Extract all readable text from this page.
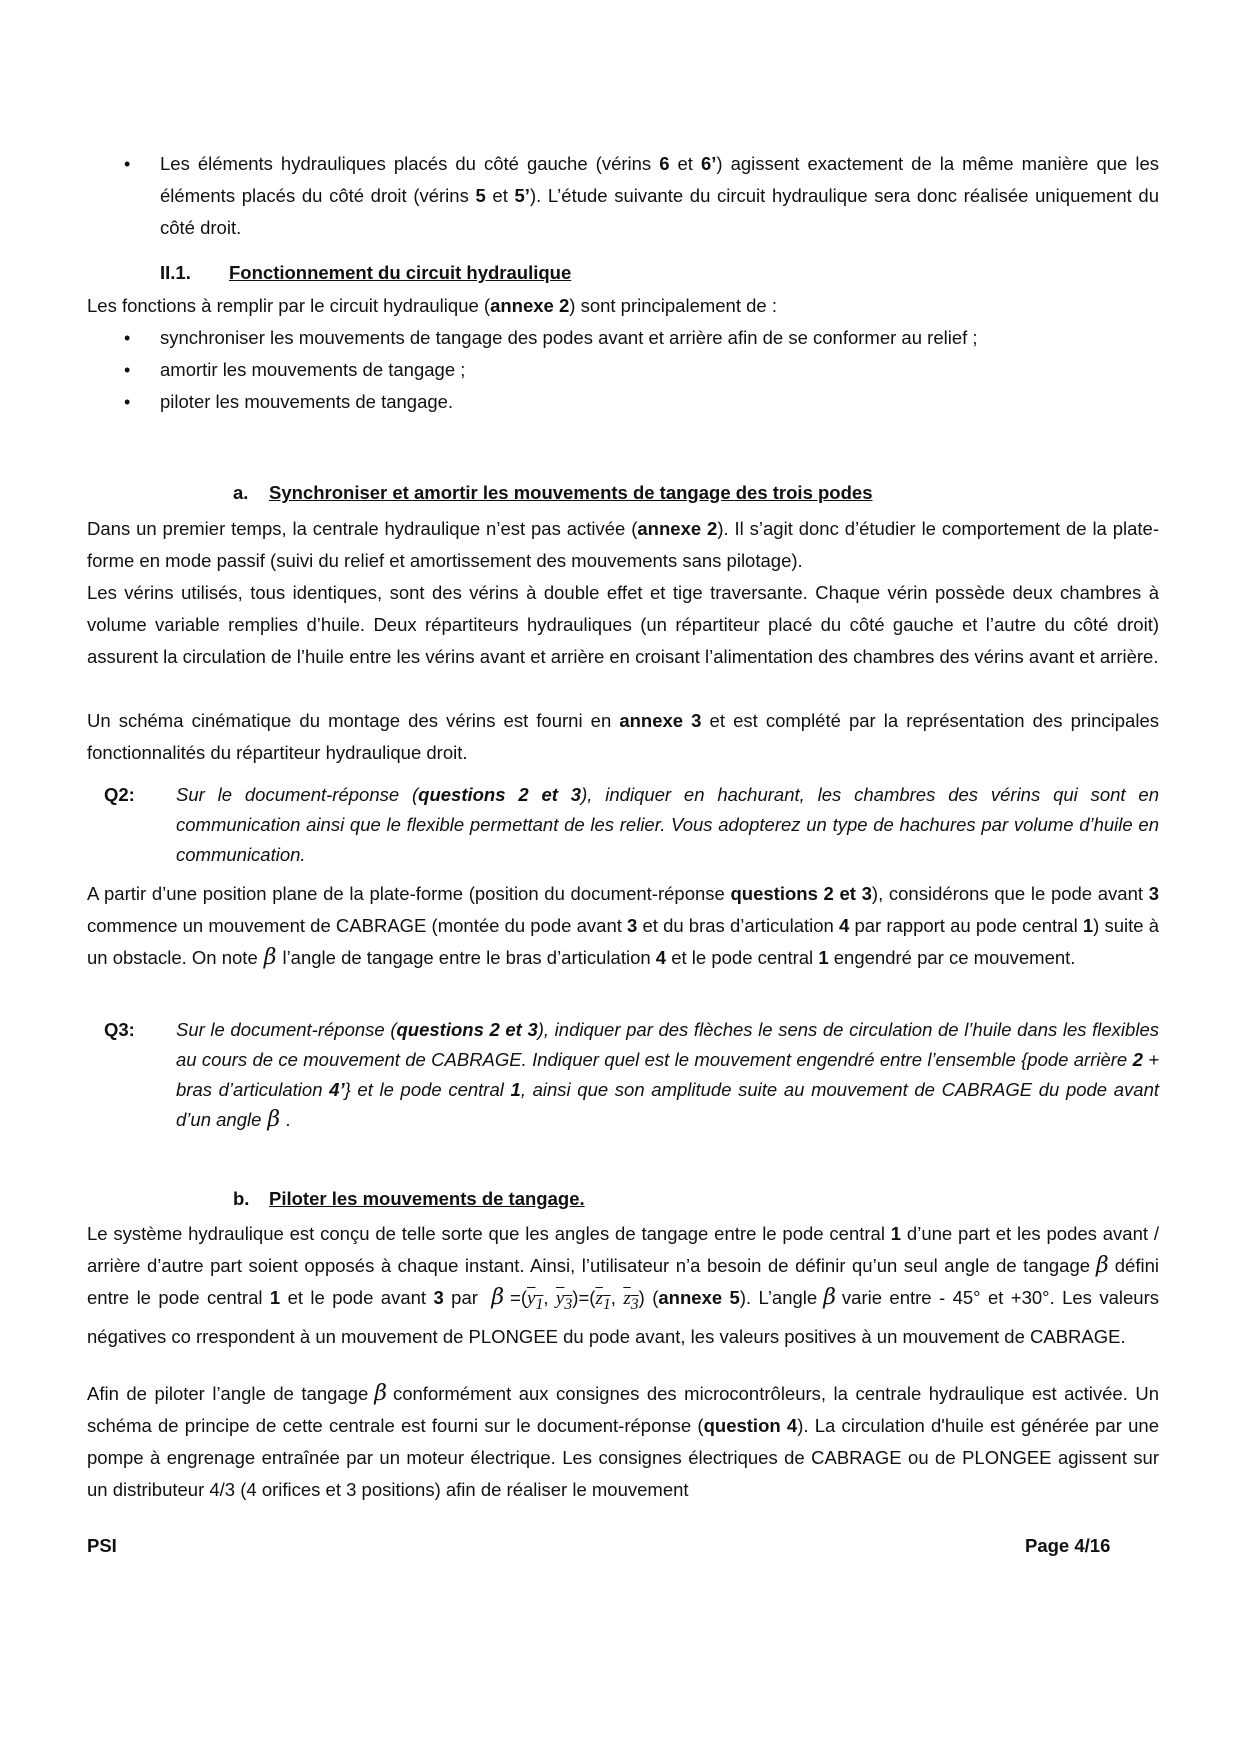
• Les éléments hydrauliques placés du côté gauche (vérins 6 et 6’) agissent exactement de la même manière que les éléments placés du côté droit (vérins 5 et 5’). L’étude suivante du circuit hydraulique sera donc réalisée uniquement du côté droit.
II.1. Fonctionnement du circuit hydraulique
Les fonctions à remplir par le circuit hydraulique (annexe 2) sont principalement de :
• synchroniser les mouvements de tangage des podes avant et arrière afin de se conformer au relief ;
• amortir les mouvements de tangage ;
• piloter les mouvements de tangage.
a. Synchroniser et amortir les mouvements de tangage des trois podes
Dans un premier temps, la centrale hydraulique n’est pas activée (annexe 2). Il s’agit donc d’étudier le comportement de la plate-forme en mode passif (suivi du relief et amortissement des mouvements sans pilotage).
Les vérins utilisés, tous identiques, sont des vérins à double effet et tige traversante. Chaque vérin possède deux chambres à volume variable remplies d’huile. Deux répartiteurs hydrauliques (un répartiteur placé du côté gauche et l’autre du côté droit) assurent la circulation de l’huile entre les vérins avant et arrière en croisant l’alimentation des chambres des vérins avant et arrière.
Un schéma cinématique du montage des vérins est fourni en annexe 3 et est complété par la représentation des principales fonctionnalités du répartiteur hydraulique droit.
Q2: Sur le document-réponse (questions 2 et 3), indiquer en hachurant, les chambres des vérins qui sont en communication ainsi que le flexible permettant de les relier. Vous adopterez un type de hachures par volume d’huile en communication.
A partir d’une position plane de la plate-forme (position du document-réponse questions 2 et 3), considérons que le pode avant 3 commence un mouvement de CABRAGE (montée du pode avant 3 et du bras d’articulation 4 par rapport au pode central 1) suite à un obstacle. On note β l’angle de tangage entre le bras d’articulation 4 et le pode central 1 engendré par ce mouvement.
Q3: Sur le document-réponse (questions 2 et 3), indiquer par des flèches le sens de circulation de l’huile dans les flexibles au cours de ce mouvement de CABRAGE. Indiquer quel est le mouvement engendré entre l’ensemble {pode arrière 2 + bras d’articulation 4’} et le pode central 1, ainsi que son amplitude suite au mouvement de CABRAGE du pode avant d’un angle β .
b. Piloter les mouvements de tangage.
Le système hydraulique est conçu de telle sorte que les angles de tangage entre le pode central 1 d’une part et les podes avant / arrière d’autre part soient opposés à chaque instant. Ainsi, l’utilisateur n’a besoin de définir qu’un seul angle de tangage β défini entre le pode central 1 et le pode avant 3 par $\beta =(y_1$, $y_3)=(z_1$, $z_3$) (annexe 5). L’angle β varie entre - 45° et +30°. Les valeurs négatives co rrespondent à un mouvement de PLONGEE du pode avant, les valeurs positives à un mouvement de CABRAGE.
Afin de piloter l’angle de tangage β conformément aux consignes des microcontrôleurs, la centrale hydraulique est activée. Un schéma de principe de cette centrale est fourni sur le document-réponse (question 4). La circulation d'huile est générée par une pompe à engrenage entraînée par un moteur électrique. Les consignes électriques de CABRAGE ou de PLONGEE agissent sur un distributeur 4/3 (4 orifices et 3 positions) afin de réaliser le mouvement
PSI	Page 4/16
